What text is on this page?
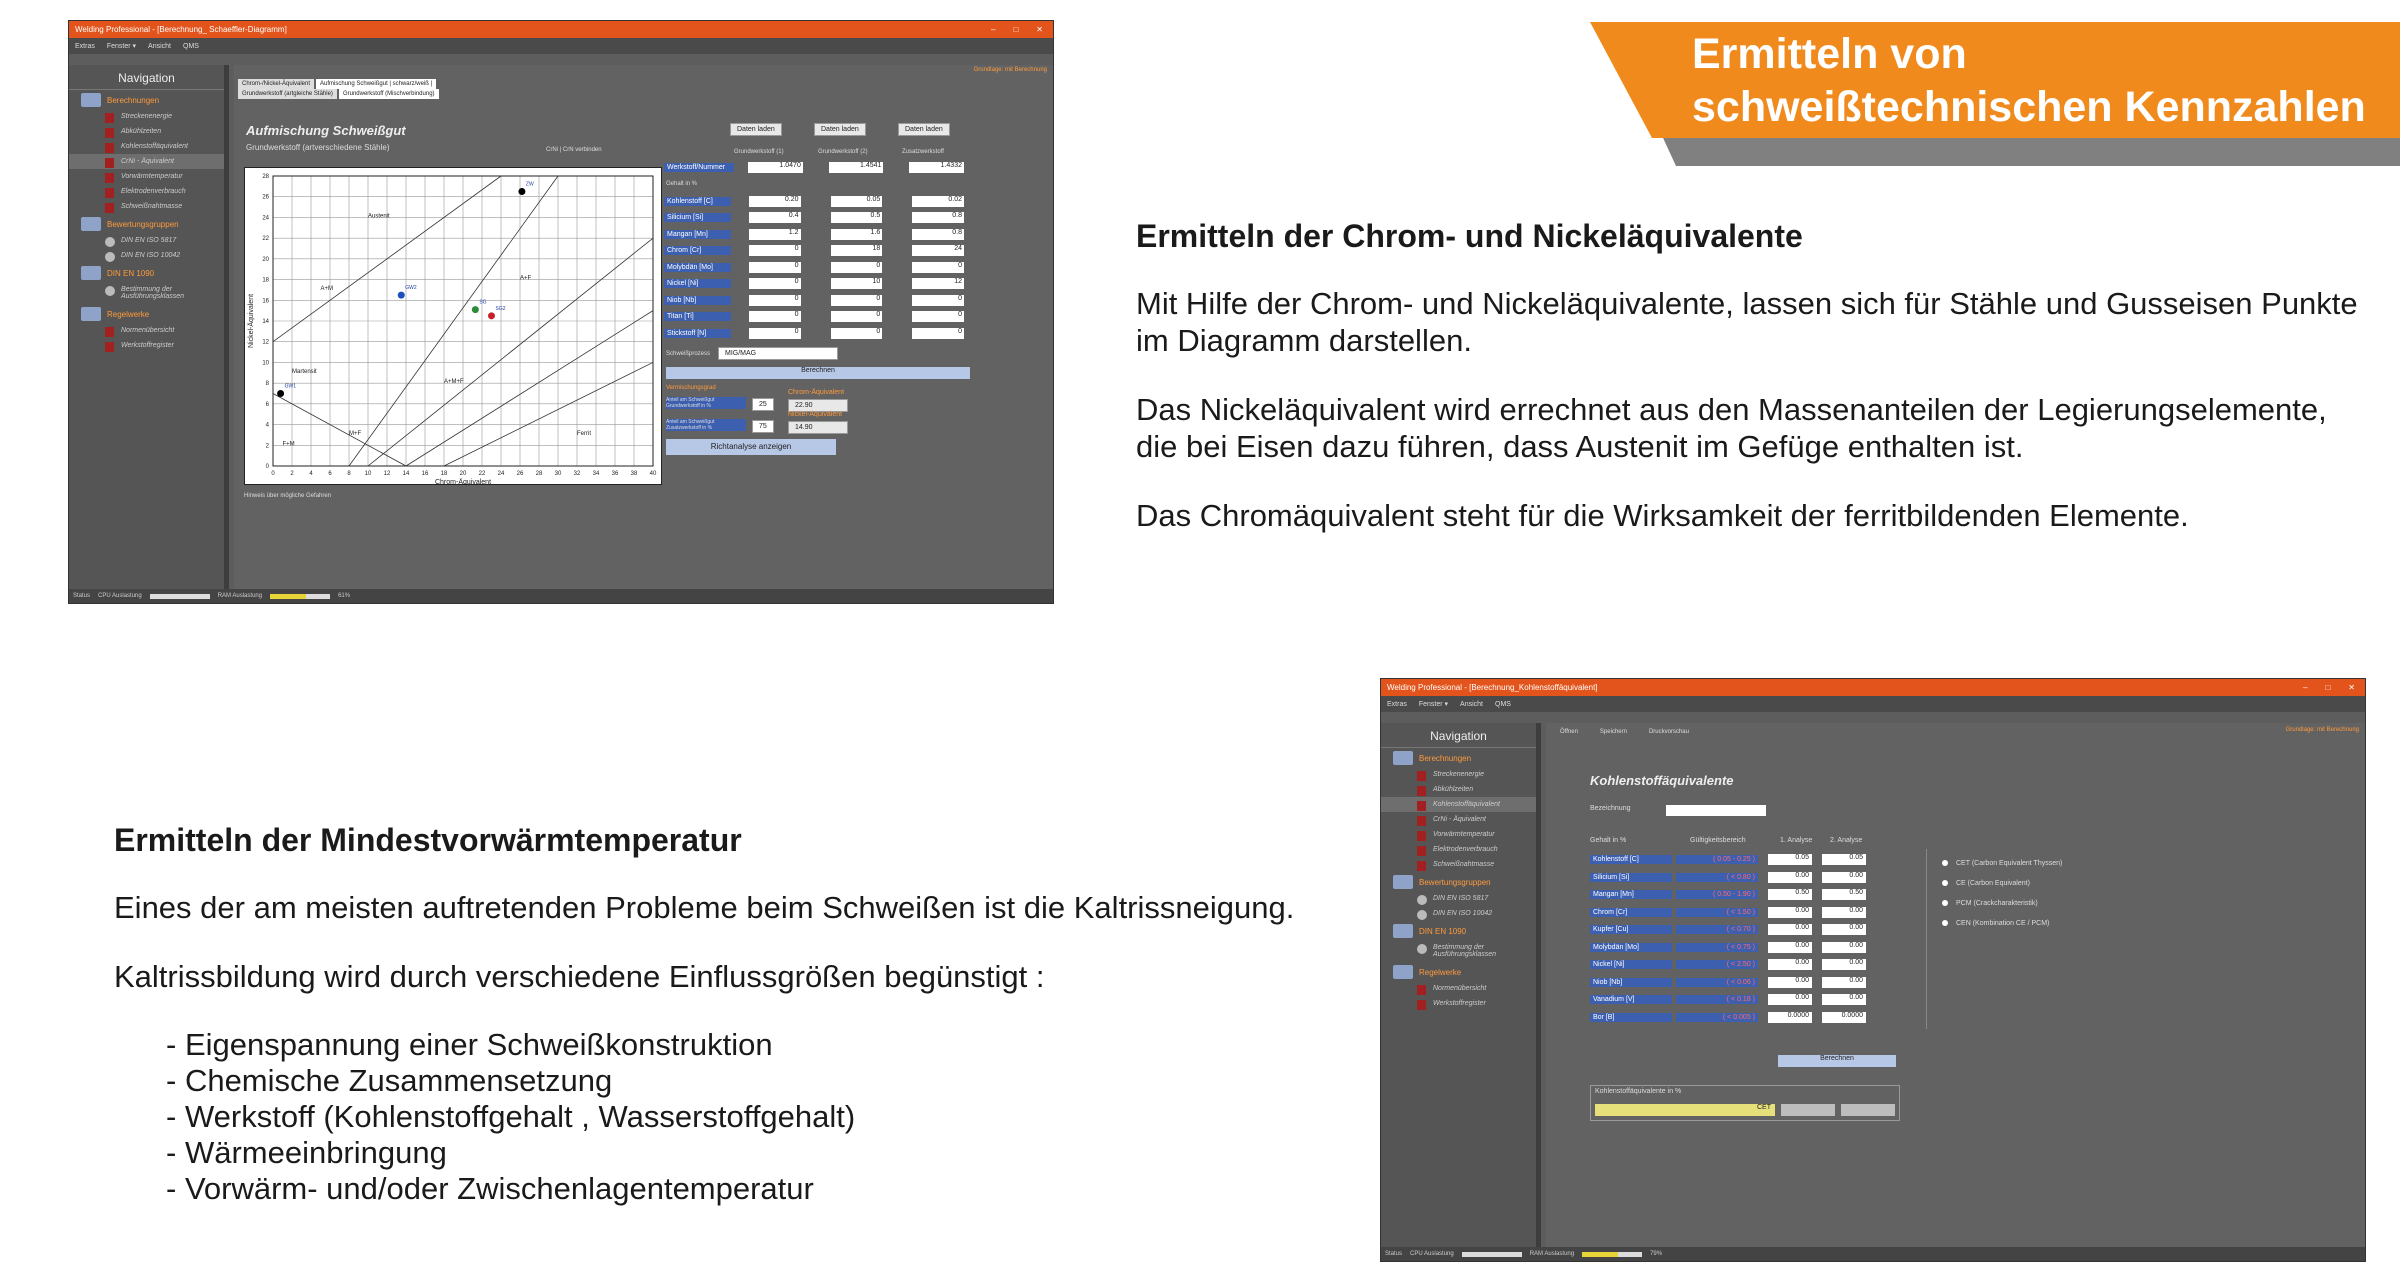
Ermitteln von schweißtechnischen Kennzahlen
Welding Professional - [Berechnung_ Schaeffler-Diagramm]	– □ ✕
Extras Fenster ▾ Ansicht QMS
Navigation
Berechnungen
Streckenenergie
Abkühlzeiten
Kohlenstoffäquivalent
CrNi - Äquivalent
Vorwärmtemperatur
Elektrodenverbrauch
Schweißnahtmasse
Bewertungsgruppen
DIN EN ISO 5817
DIN EN ISO 10042
DIN EN 1090
Bestimmung der Ausführungsklassen
Regelwerke
Normenübersicht
Werkstoffregister
Grundlage: mit Berechnung
Chrom-/Nickel-Äquivalent	Aufmischung Schweißgut | schwarz/weiß |
Grundwerkstoff (artgleiche Stähle)	Grundwerkstoff (Mischverbindung)
Aufmischung Schweißgut
Grundwerkstoff (artverschiedene Stähle)	CrNi | CrN verbinden
0	2	4	6	8 10 12 14 16 18 20 22 24 26 28 30 32 34 36 38 40
0
2
4
6
8
10
12
14
16
18
20
22
24
26
28
Austenit
Martensit
Ferrit
A+M
A+F
M+F
F+M
A+M+F
GW1
GW2
SG
SG2
ZW
Chrom-Äquivalent
Nickel-Äquivalent
Hinweis über mögliche Gefahren
Daten laden	Daten laden	Daten laden
Grundwerkstoff (1)	Grundwerkstoff (2)	Zusatzwerkstoff
Werkstoff/Nummer	1.0470	1.4541	1.4332
Gehalt in %
Kohlenstoff [C]	0.20	0.05	0.02
Silicium [Si]	0.4	0.5	0.8
Mangan [Mn]	1.2	1.6	0.8
Chrom [Cr]	0	18	24
Molybdän [Mo]	0	0	0
Nickel [Ni]	0	10	12
Niob [Nb]	0	0	0
Titan [Ti]	0	0	0
Stickstoff [N]	0	0	0
Schweißprozess	MIG/MAG
Berechnen
Vermischungsgrad
Anteil am Schweißgut Grundwerkstoff in %	25
Anteil am Schweißgut Zusatzwerkstoff in %	75
Chrom-Äquivalent
22.90
Nickel-Äquivalent
14.90
Richtanalyse anzeigen
Status CPU Auslastung	RAM Auslastung	61%
Ermitteln der Chrom- und Nickeläquivalente

Mit Hilfe der Chrom- und Nickeläquivalente, lassen sich für Stähle und Gusseisen Punkte im Diagramm darstellen.

Das Nickeläquivalent wird errechnet aus den Massenanteilen der Legierungselemente, die bei Eisen dazu führen, dass Austenit im Gefüge enthalten ist.

Das Chromäquivalent steht für die Wirksamkeit der ferritbildenden Elemente.

Ermitteln der Mindestvorwärmtemperatur

Eines der am meisten auftretenden Probleme beim Schweißen ist die Kaltrissneigung.

Kaltrissbildung wird durch verschiedene Einflussgrößen begünstigt :

- Eigenspannung einer Schweißkonstruktion
- Chemische Zusammensetzung
- Werkstoff (Kohlenstoffgehalt , Wasserstoffgehalt)
- Wärmeeinbringung
- Vorwärm- und/oder Zwischenlagentemperatur
Welding Professional - [Berechnung_Kohlenstoffäquivalent]	– □ ✕
Extras Fenster ▾ Ansicht QMS
Navigation
Berechnungen
Streckenenergie
Abkühlzeiten
Kohlenstoffäquivalent
CrNi - Äquivalent
Vorwärmtemperatur
Elektrodenverbrauch
Schweißnahtmasse
Bewertungsgruppen
DIN EN ISO 5817
DIN EN ISO 10042
DIN EN 1090
Bestimmung der Ausführungsklassen
Regelwerke
Normenübersicht
Werkstoffregister
Öffnen	Speichern	Druckvorschau	Grundlage: mit Berechnung
Kohlenstoffäquivalente
Bezeichnung
Gehalt in %	Gültigkeitsbereich	1. Analyse	2. Analyse
Kohlenstoff [C]	( 0.05 - 0.25 )	0.05	0.05
Silicium [Si]	( < 0.80 )	0.00	0.00
Mangan [Mn]	( 0.50 - 1.90 )	0.50	0.50
Chrom [Cr]	( < 1.50 )	0.00	0.00
Kupfer [Cu]	( < 0.70 )	0.00	0.00
Molybdän [Mo]	( < 0.75 )	0.00	0.00
Nickel [Ni]	( < 2.50 )	0.00	0.00
Niob [Nb]	( < 0.06 )	0.00	0.00
Vanadium [V]	( < 0.18 )	0.00	0.00
Bor [B]	( < 0.005 )	0.0000	0.0000
CET (Carbon Equivalent Thyssen)
CE (Carbon Equivalent)
PCM (Crackcharakteristik)
CEN (Kombination CE / PCM)
Berechnen
Kohlenstoffäquivalente in %
CET
Status CPU Auslastung	RAM Auslastung	79%
